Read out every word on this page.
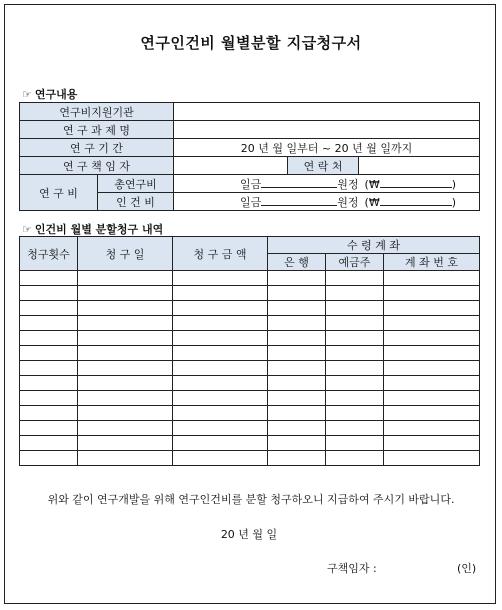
연구인건비 월별분할 지급청구서
☞ 연구내용
연구비지원기관				
연 구 과 제 명				
연 구 기 간		20 년 월 일부터 ~ 20 년 월 일까지		
연 구 책 임 자			연 락 처	
연 구 비	총연구비	일금 원정 (₩ )		
	인 건 비	일금 원정 (₩ )		
☞ 인건비 월별 분할청구 내역
청구횟수	청 구 일	청 구 금 액	수 령 계 좌		
			은 행	예금주	계 좌 번 호

위와 같이 연구개발을 위해 연구인건비를 분할 청구하오니 지급하여 주시기 바랍니다.
20 년 월 일
구책임자 :	(인)
